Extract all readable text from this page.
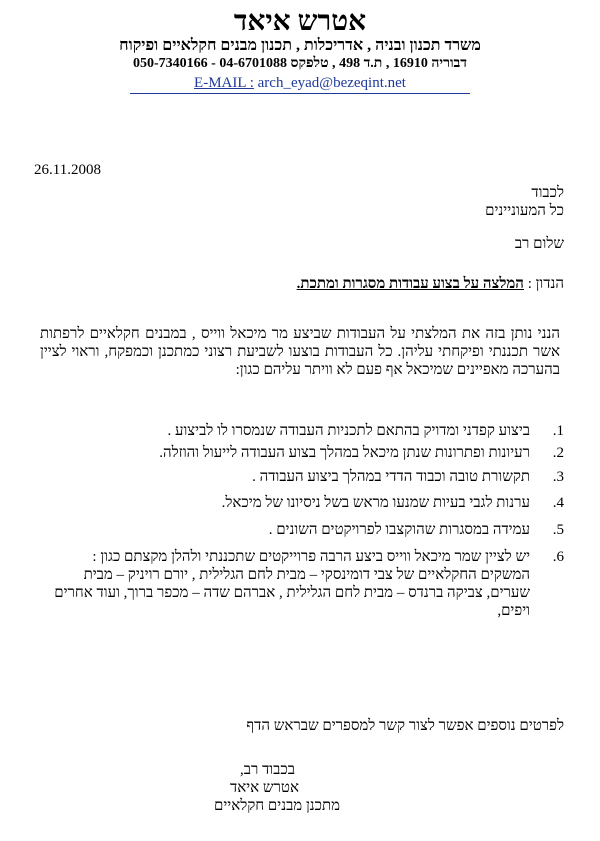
אטרש איאד
משרד תכנון ובניה , אדריכלות , תכנון מבנים חקלאיים ופיקוח
דבוריה 16910 , ת.ד 498 , טלפקס 04-6701088 - 050-7340166
E-MAIL : arch_eyad@bezeqint.net
26.11.2008
לכבוד
כל המעוניינים
שלום רב
הנדון : המלצה על בצוע עבודות מסגרות ומתכת.
הנני נותן בזה את המלצתי על העבודות שביצע מר מיכאל ווייס , במבנים חקלאיים לרפתות אשר תכננתי ופיקחתי עליהן. כל העבודות בוצעו לשביעת רצוני כמתכנן וכמפקח, וראוי לציין בהערכה מאפיינים שמיכאל אף פעם לא וויתר עליהם כגון:
1.
ביצוע קפדני ומדויק בהתאם לתכניות העבודה שנמסרו לו לביצוע .
2.
רעיונות ופתרונות שנתן מיכאל במהלך בצוע העבודה לייעול והוזלה.
3.
תקשורת טובה וכבוד הדדי במהלך ביצוע העבודה .
4.
ערנות לגבי בעיות שמנעו מראש בשל ניסיונו של מיכאל.
5.
עמידה במסגרות שהוקצבו לפרויקטים השונים .
6.
יש לציין שמר מיכאל ווייס ביצע הרבה פרוייקטים שתכננתי ולהלן מקצתם כגון : המשקים החקלאיים של צבי דומינסקי – מבית לחם הגלילית , יורם רויניק – מבית שערים, צביקה ברנדס – מבית לחם הגלילית , אברהם שדה – מכפר ברוך, ועוד אחרים ויפים,
לפרטים נוספים אפשר לצור קשר למספרים שבראש הדף
בכבוד רב,
אטרש איאד
מתכנן מבנים חקלאיים
